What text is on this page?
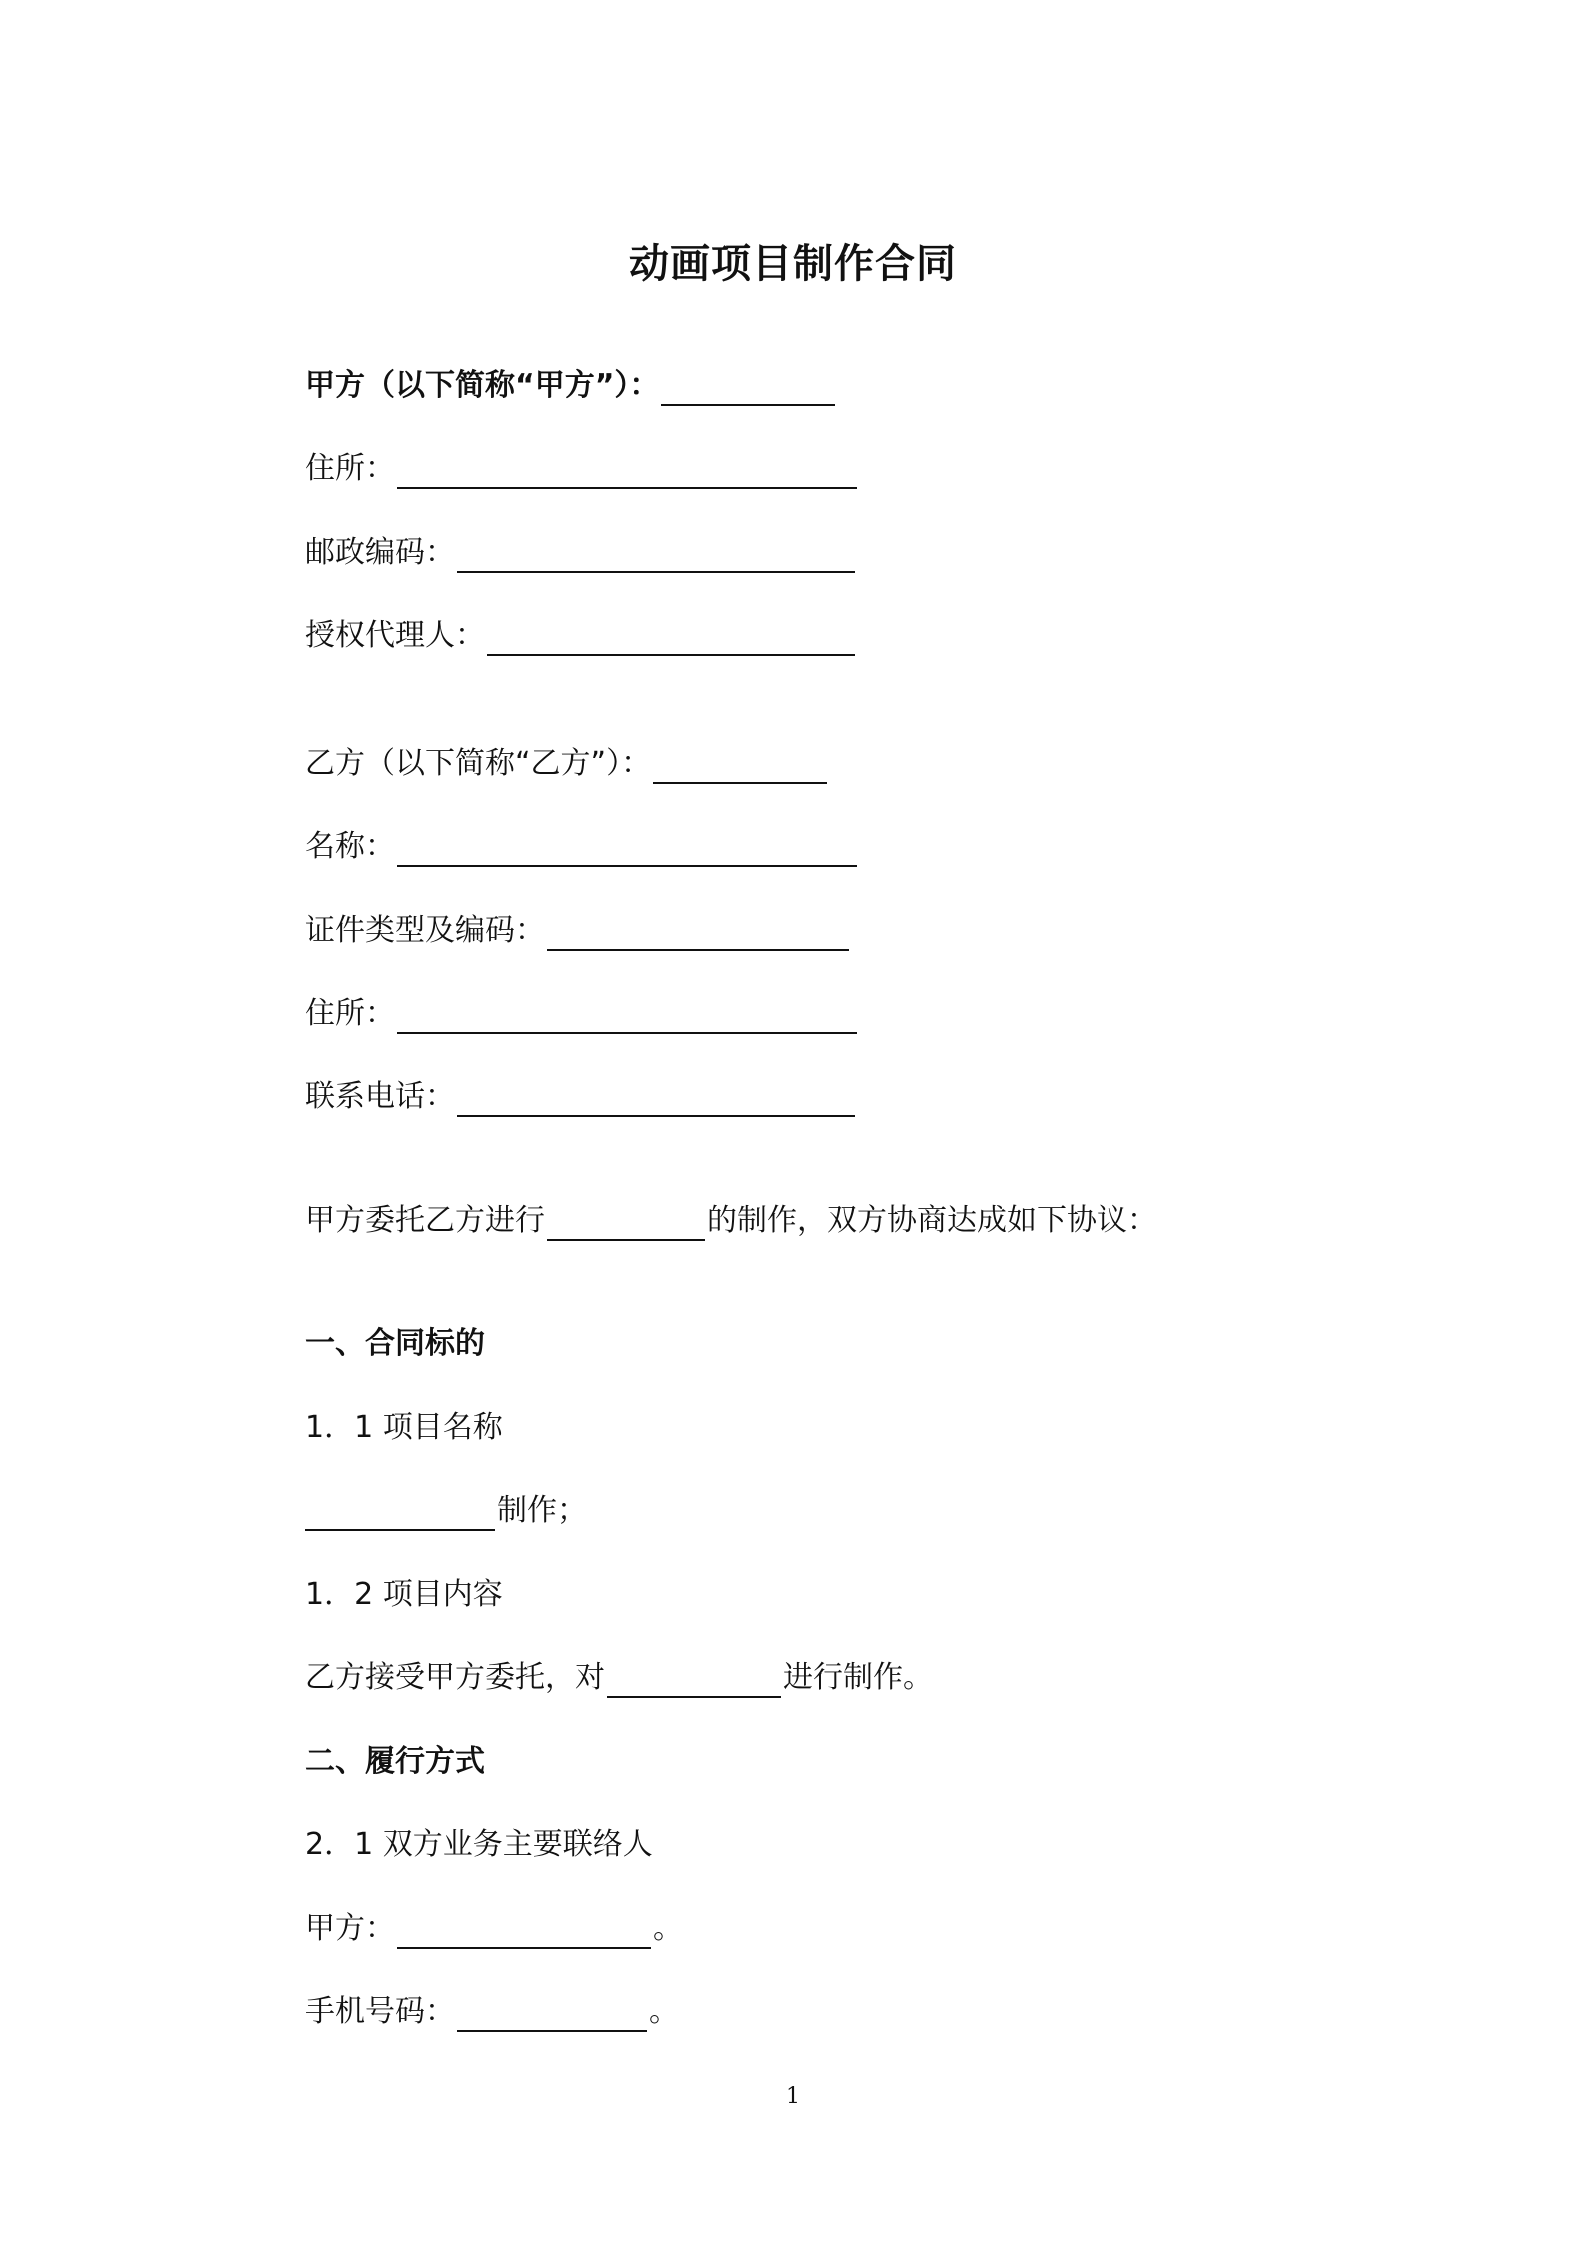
动画项目制作合同
甲方（以下简称“甲方”）：
住所：
邮政编码：
授权代理人：
乙方（以下简称“乙方”）：
名称：
证件类型及编码：
住所：
联系电话：
甲方委托乙方进行	的制作，双方协商达成如下协议：
一、合同标的
1．1 项目名称
制作；
1．2 项目内容
乙方接受甲方委托，对	进行制作。
二、履行方式
2．1 双方业务主要联络人
甲方：	。
手机号码：	。
1
